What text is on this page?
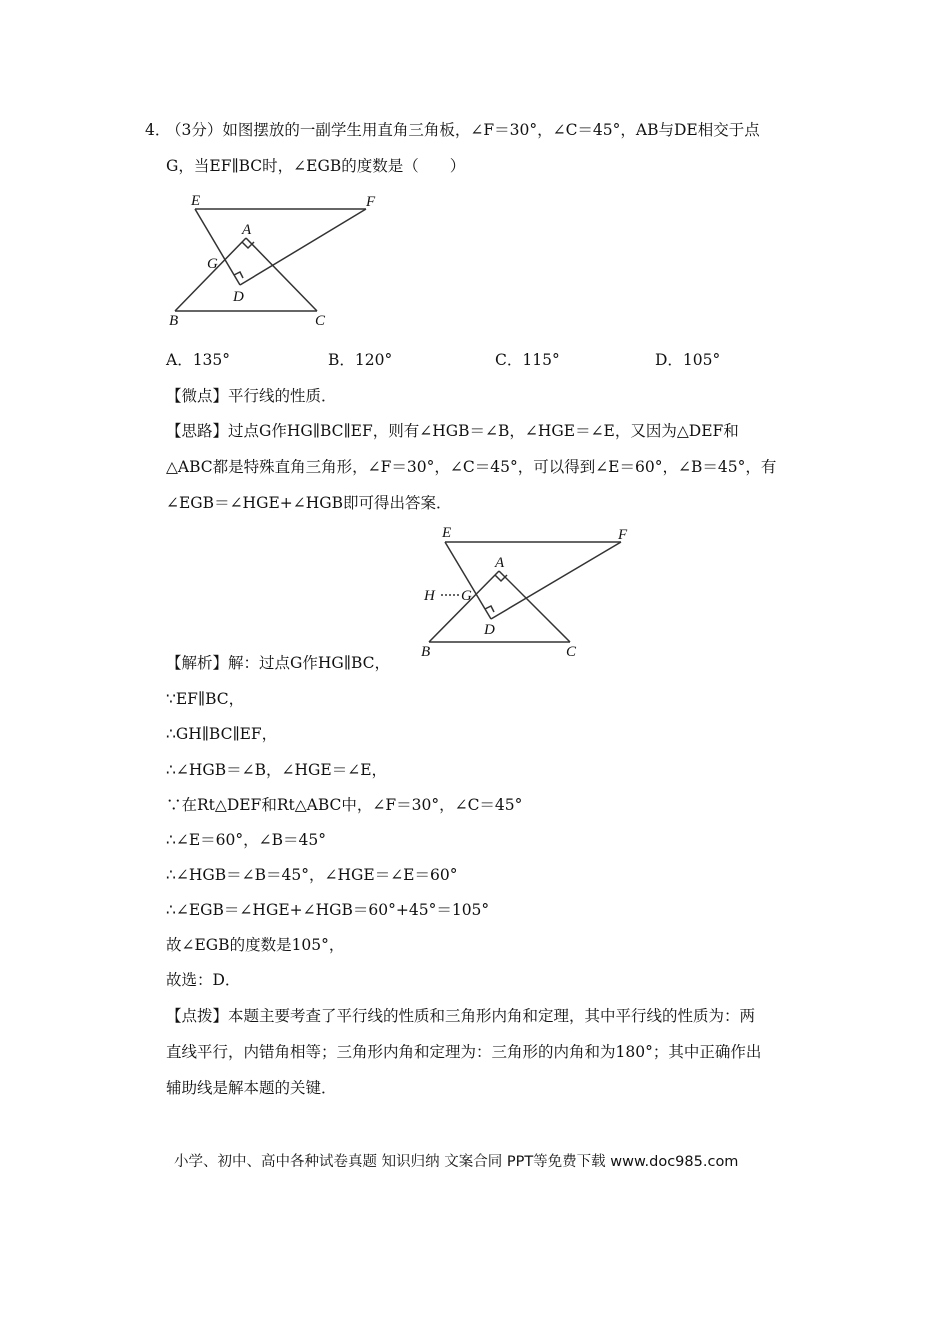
4．
（3分）如图摆放的一副学生用直角三角板，∠F＝30°，∠C＝45°，AB与DE相交于点
G，当EF∥BC时，∠EGB的度数是（　　）
E	F
A
G
D
B	C
A．135°	B．120°	C．115°	D．105°
【微点】平行线的性质．
【思路】过点G作HG∥BC∥EF，则有∠HGB＝∠B，∠HGE＝∠E，又因为△DEF和
△ABC都是特殊直角三角形，∠F＝30°，∠C＝45°，可以得到∠E＝60°，∠B＝45°，有
∠EGB＝∠HGE+∠HGB即可得出答案．
E	F
A
H G
D
B	C
【解析】解：过点G作HG∥BC，
∵EF∥BC，
∴GH∥BC∥EF，
∴∠HGB＝∠B，∠HGE＝∠E，
∵在Rt△DEF和Rt△ABC中，∠F＝30°，∠C＝45°
∴∠E＝60°，∠B＝45°
∴∠HGB＝∠B＝45°，∠HGE＝∠E＝60°
∴∠EGB＝∠HGE+∠HGB＝60°+45°＝105°
故∠EGB的度数是105°，
故选：D．
【点拨】本题主要考查了平行线的性质和三角形内角和定理，其中平行线的性质为：两
直线平行，内错角相等；三角形内角和定理为：三角形的内角和为180°；其中正确作出
辅助线是解本题的关键．
小学、初中、高中各种试卷真题 知识归纳 文案合同 PPT等免费下载 www.doc985.com
